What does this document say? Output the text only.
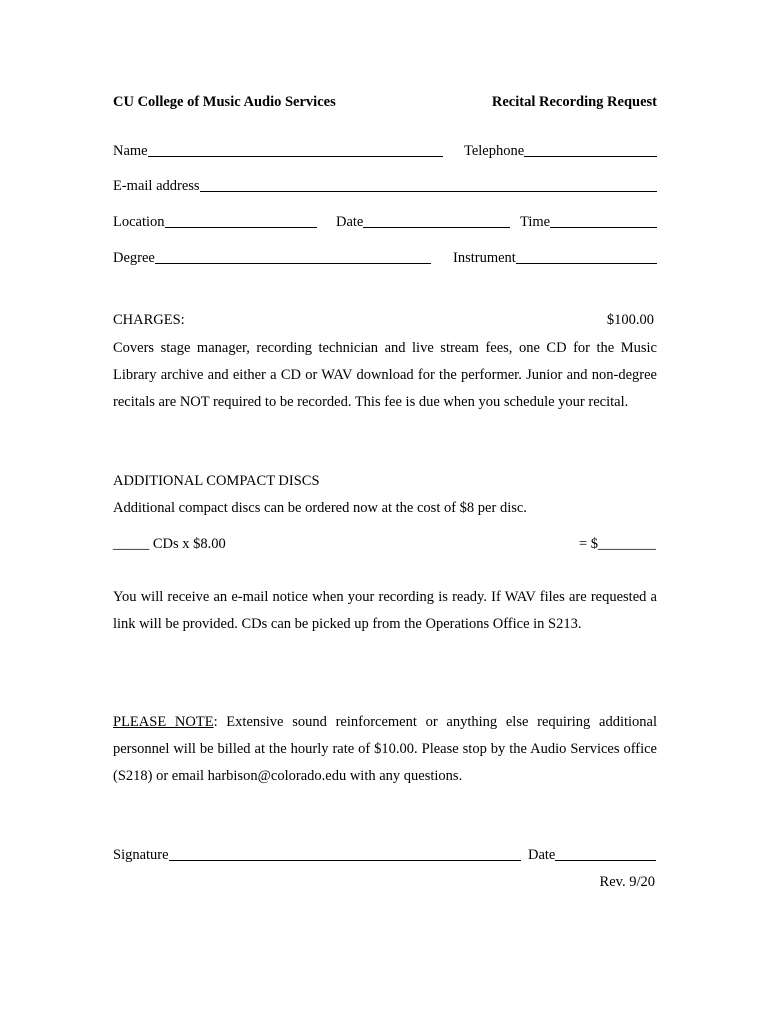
CU College of Music Audio Services	Recital Recording Request
Name	Telephone
E-mail address
Location	Date	Time
Degree	Instrument
CHARGES:	$100.00
Covers stage manager, recording technician and live stream fees, one CD for the Music Library archive and either a CD or WAV download for the performer. Junior and non-degree recitals are NOT required to be recorded. This fee is due when you schedule your recital.
ADDITIONAL COMPACT DISCS
Additional compact discs can be ordered now at the cost of $8 per disc.
_____ CDs x $8.00	= $________
You will receive an e-mail notice when your recording is ready. If WAV files are requested a link will be provided. CDs can be picked up from the Operations Office in S213.
PLEASE NOTE: Extensive sound reinforcement or anything else requiring additional personnel will be billed at the hourly rate of $10.00. Please stop by the Audio Services office (S218) or email harbison@colorado.edu with any questions.
Signature	Date
Rev. 9/20
